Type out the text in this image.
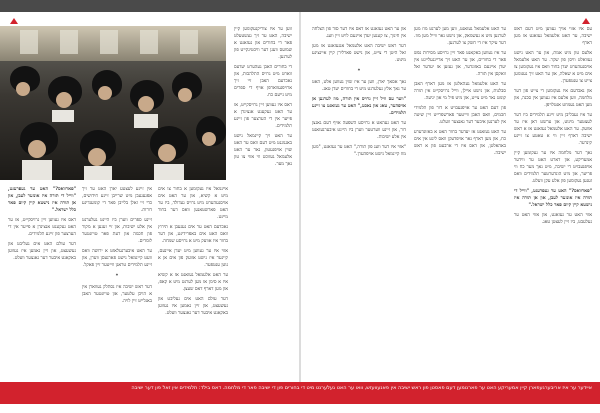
עס איז אזוי אויך געווען מיט דעם ראש ישיבה, ער האט אלעמאל געזאגט אז מען דארף

אלעס טון מיט אמת, און ער האט נישט געוואלט וויסן פון שקר. ער האט אלעמאל אויסגעהערט יעדן בחור וואס איז געקומען צו אים מיט א שאלה, און ער האט זיך גענומען צייט צו ענטפערן.

און נאכדעם איז געקומען די צייט פון דער מלחמה, ווען אלעס איז געווען אין סכנה, און מען האט געמוזט אנטלויפן.

ער איז געבליבן מיט זיינע תלמידים ביז דער לעצטער מינוט, און ערשט דאן איז ער אוועק. ער האט אלעמאל געזאגט אז א ראש ישיבה דארף זיין ווי א טאטע צו זיינע קינדער.

נאך דער מלחמה איז ער געקומען קיין אמעריקע, און דארט האט ער ווידער אויפגעבויט די ישיבה, מיט נאך מער כח ווי פריער, און מיט הונדערטער תלמידים וואס זענען געקומען פון אלע עקן וועלט.

"פארוואס?" האט ער געפרעגט, "ווייל די תורה איז אונזער לעבן, און אן תורה איז נישטא קיין קיום פאר כלל ישראל."

אזוי האט ער געזאגט, און אזוי האט ער געלעבט, ביז זיין לעצטן טאג.

ער האט אלעמאל געזאגט, ווען מען לערנט מוז מען לערנען מיט א געשמאק, און נישט נאר ווייל מען מוז. דער עיקר איז די חשק צו לערנען.

ער איז געווען באקאנט פאר זיין גרויסע מסירות נפש פאר די בחורים, און ער האט זיך אריינגעלייגט אין יעדן איינעם באזונדער, און געזען אז יעדער זאל וואקסן אין תורה.

ער האט אלעמאל געהאלטן אז מען דארף האבן סבלנות, און נישט איילן, ווייל גרויסקייט אין תורה קומט נאר מיט צייט, און מיט פיל מי און יגיעה.

פון דעם האט ער אויפגעבויט א דור פון תלמידי חכמים, וואס האבן ווייטער פארשפרייט זיין שיטה אין לערנען איבער דער גאנצער וועלט.

ער האט געזאגט אז יעדער בחור האט א באזונדערע כח, און מען דארף נאר אויפדעקן וואס ליגט אין אים באהאלטן, און דאס איז די ארבעט פון א ראש ישיבה.

און ער האט געזאגט אז דאס איז דער סוד פון הצלחה אין חינוך, צו קענען יעדן איינעם לויט זיין וועג.

דער ראש ישיבה האט אלעמאל אנגעזאגט אז מען זאל היטן די צייט, און נישט פארלירן קיין איינציגע מינוט.

*

נאך אסאך יארן, ווען ער איז שוין געווען אלט, האט ער נאך אלץ געלערנט מיט די בחורים יעדן טאג.

"ווער עס וויל זיין גרויס אין תורה, מוז לערנען אן אויפהער, טאג און נאכט," האט ער געזאגט צו זיינע תלמידים.

ער האט געהאט א גרויסע השפעה אויף דעם גאנצן דור, און זיינע ווערטער ווערן ביז היינט איבערגעזאגט אין אלע ישיבות.

"אזוי איז דער וועג פון תורה," האט ער געזאגט, "מען מוז קיינמאל נישט אויפהערן."

ווען ער איז צוריקגעקומען קיין ישיבה, האט ער זיך געשטעלט פאר די בחורים און געזאגט א שמועס וועגן דער וויכטיגקייט פון לערנען.

די בחורים האבן געהערט יעדעס ווארט מיט גרויס התלהבות, און נאכדעם האבן זיי זיך ארויפגעווארפן אויף די ספרים מיט נייעם כח.

דאס איז געווען זיין גרויסקייט, אז ער האט געקענט אנצינדן א פייער אין די הערצער פון זיינע תלמידים.

ער האט זיך קיינמאל נישט באגנוגנט מיט דעם וואס ער האט שוין אויפגעטון, נאר ער האט אלעמאל געזוכט ווי אזוי צו טון נאך מער.

איינמאל איז געקומען א בחור צו אים מיט א קשיא, און ער האט אים אויסגעהערט מיט גרויס געדולד, ביז ער האט פארשטאנען וואס דער בחור מיינט.

נאכדעם האט ער אים געגעבן א תירוץ וואס האט אים באפרידיגט, און דער בחור איז אוועק מיט א גרויסע שמחה.

אזוי איז ער געווען מיט יעדן איינעם, קיינער איז נישט אוועק פון אים אן א גוטן ענטפער.

ער האט אלעמאל געזאגט אז א קשיא איז א סימן אז מען לערנט מיט א קאפ, און מען דארף דאס שעצן.

דער עולם האט אים געליבט און געשעצט, און זיין נאמען איז געווען באקאנט איבער דער גאנצער וועלט.

אין זיינע לעצטע יארן האט ער זיך אפגעגעבן מיט שרייבן זיינע חידושים, כדי זיי זאלן בלייבן פאר די קומענדיגע דורות.

זיינע ספרים ווערן ביז היינט געלערנט אין אלע ישיבות, און זיי זענען א מקור פון חכמה און דעת פאר טויזנטער לומדים.

ער האט איבערגעלאזט א ירושה וואס וועט קיינמאל נישט פארגעסן ווערן, און זיינע תלמידים טראגן ווייטער זיין פאקל.

*

דער ראש ישיבה איז נסתלק געווארן אין א הויכן עלטער, און טויזנטער האבן באגלייט זיין לויה.

"פארוואס?" האט ער געפרעגט, "ווייל די תורה איז אונזער לעבן, און אן תורה איז נישטא קיין קיום פאר כלל ישראל."

דאס איז געווען זיין גרויסקייט, אז ער האט געקענט אנצינדן א פייער אין די הערצער פון זיינע תלמידים.

דער עולם האט אים געליבט און געשעצט, און זיין נאמען איז געווען באקאנט איבער דער גאנצער וועלט.

איידער ער איז אריבערגעפארן קיין אמעריקע האט ער פארנומען דעם פאסטן פון ראש ישיבה אין פאנעוועזש, וואו ער האט געלערנט מיט די בחורים פון די ישיבה פאר די מלחמה. דאס בילד: תלמידים אין זאל פון דער ישיבה
